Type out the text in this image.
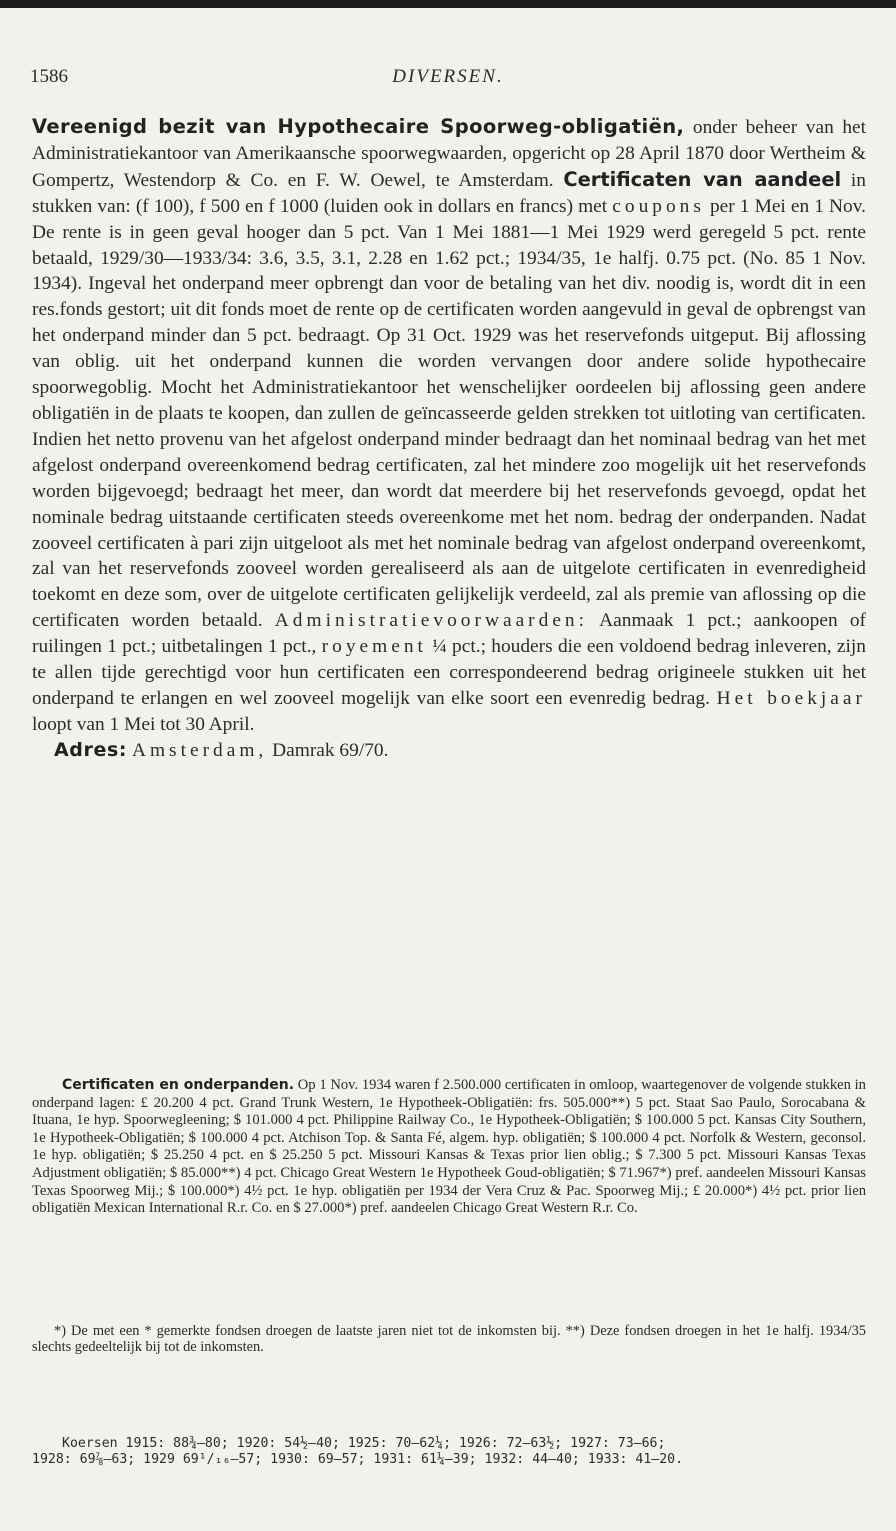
1586	DIVERSEN.

Vereenigd bezit van Hypothecaire Spoorweg-obligatiën, onder beheer van het Administratiekantoor van Amerikaansche spoorwegwaarden, opgericht op 28 April 1870 door Wertheim & Gompertz, Westendorp & Co. en F. W. Oewel, te Amsterdam. Certificaten van aandeel in stukken van: (f 100), f 500 en f 1000 (luiden ook in dollars en francs) met coupons per 1 Mei en 1 Nov. De rente is in geen geval hooger dan 5 pct. Van 1 Mei 1881—1 Mei 1929 werd geregeld 5 pct. rente betaald, 1929/30—1933/34: 3.6, 3.5, 3.1, 2.28 en 1.62 pct.; 1934/35, 1e halfj. 0.75 pct. (No. 85 1 Nov. 1934). Ingeval het onderpand meer opbrengt dan voor de betaling van het div. noodig is, wordt dit in een res.fonds gestort; uit dit fonds moet de rente op de certificaten worden aangevuld in geval de opbrengst van het onderpand minder dan 5 pct. bedraagt. Op 31 Oct. 1929 was het reservefonds uitgeput. Bij aflossing van oblig. uit het onderpand kunnen die worden vervangen door andere solide hypothecaire spoorwegoblig. Mocht het Administratiekantoor het wenschelijker oordeelen bij aflossing geen andere obligatiën in de plaats te koopen, dan zullen de geïncasseerde gelden strekken tot uitloting van certificaten. Indien het netto provenu van het afgelost onderpand minder bedraagt dan het nominaal bedrag van het met afgelost onderpand overeenkomend bedrag certificaten, zal het mindere zoo mogelijk uit het reservefonds worden bijgevoegd; bedraagt het meer, dan wordt dat meerdere bij het reservefonds gevoegd, opdat het nominale bedrag uitstaande certificaten steeds overeenkome met het nom. bedrag der onderpanden. Nadat zooveel certificaten à pari zijn uitgeloot als met het nominale bedrag van afgelost onderpand overeenkomt, zal van het reservefonds zooveel worden gerealiseerd als aan de uitgelote certificaten in evenredigheid toekomt en deze som, over de uitgelote certificaten gelijkelijk verdeeld, zal als premie van aflossing op die certificaten worden betaald. Administratievoorwaarden: Aanmaak 1 pct.; aankoopen of ruilingen 1 pct.; uitbetalingen 1 pct., royement ¼ pct.; houders die een voldoend bedrag inleveren, zijn te allen tijde gerechtigd voor hun certificaten een correspondeerend bedrag origineele stukken uit het onderpand te erlangen en wel zooveel mogelijk van elke soort een evenredig bedrag. Het boekjaar loopt van 1 Mei tot 30 April.

Adres: Amsterdam, Damrak 69/70.

Certificaten en onderpanden. Op 1 Nov. 1934 waren f 2.500.000 certificaten in omloop, waartegenover de volgende stukken in onderpand lagen: £ 20.200 4 pct. Grand Trunk Western, 1e Hypotheek-Obligatiën: frs. 505.000**) 5 pct. Staat Sao Paulo, Sorocabana & Ituana, 1e hyp. Spoorwegleening; $ 101.000 4 pct. Philippine Railway Co., 1e Hypotheek-Obligatiën; $ 100.000 5 pct. Kansas City Southern, 1e Hypotheek-Obligatiën; $ 100.000 4 pct. Atchison Top. & Santa Fé, algem. hyp. obligatiën; $ 100.000 4 pct. Norfolk & Western, geconsol. 1e hyp. obligatiën; $ 25.250 4 pct. en $ 25.250 5 pct. Missouri Kansas & Texas prior lien oblig.; $ 7.300 5 pct. Missouri Kansas Texas Adjustment obligatiën; $ 85.000**) 4 pct. Chicago Great Western 1e Hypotheek Goud-obligatiën; $ 71.967*) pref. aandeelen Missouri Kansas Texas Spoorweg Mij.; $ 100.000*) 4½ pct. 1e hyp. obligatiën per 1934 der Vera Cruz & Pac. Spoorweg Mij.; £ 20.000*) 4½ pct. prior lien obligatiën Mexican International R.r. Co. en $ 27.000*) pref. aandeelen Chicago Great Western R.r. Co.

*) De met een * gemerkte fondsen droegen de laatste jaren niet tot de inkomsten bij. **) Deze fondsen droegen in het 1e halfj. 1934/35 slechts gedeeltelijk bij tot de inkomsten.

Koersen 1915: 88¾—80; 1920: 54½—40; 1925: 70—62¼; 1926: 72—63½; 1927: 73—66;

1928: 69⅞—63; 1929 69¹/₁₆—57; 1930: 69—57; 1931: 61¼—39; 1932: 44—40; 1933: 41—20.
